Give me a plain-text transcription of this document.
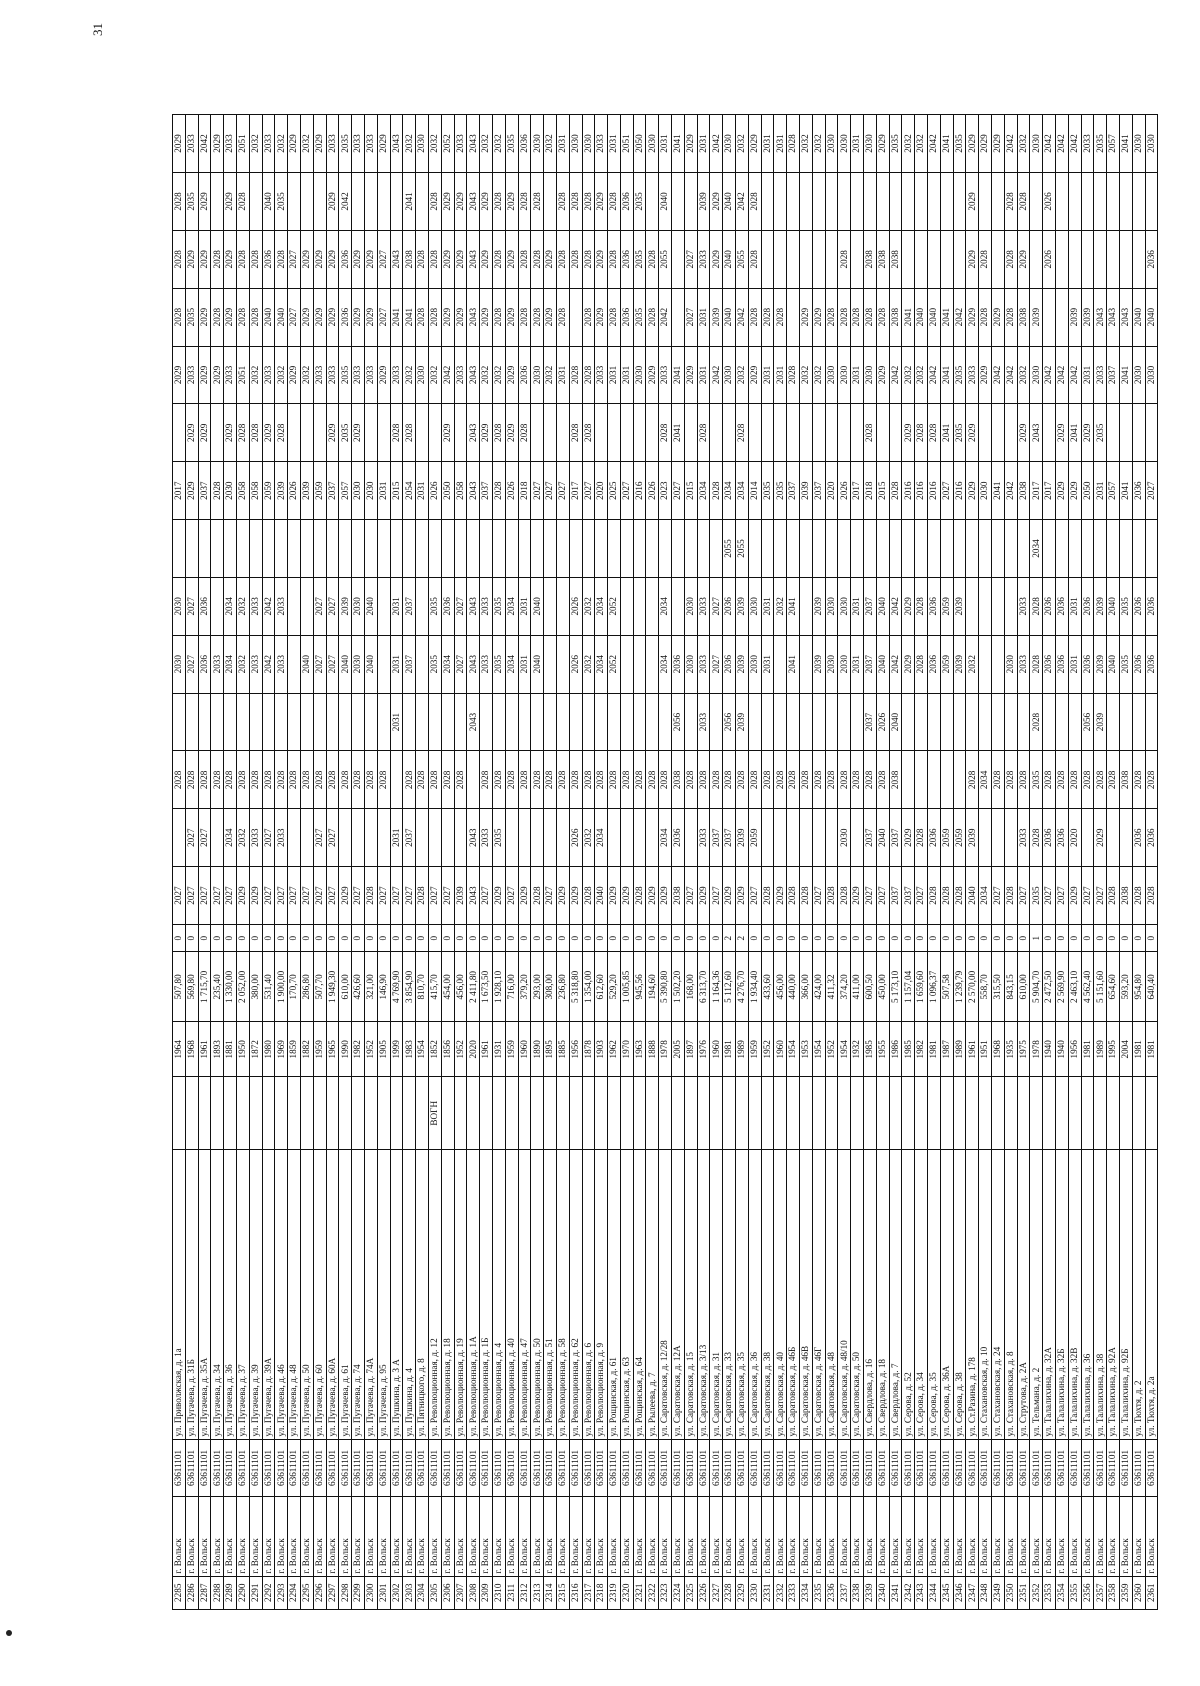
31
2285	г. Вольск	63611101	ул. Приволжская, д. 1а		1964	507,80	0	2027		2028		2030	2030		2017		2029	2028	2028	2028	2029
2286	г. Вольск	63611101	ул. Пугачева, д. 31Б		1968	569,80	0	2027	2027	2028		2027	2027		2029	2029	2033	2035	2029	2035	2033
2287	г. Вольск	63611101	ул. Пугачева, д. 35А		1961	1 715,70	0	2027	2027	2028		2036	2036		2037	2029	2029	2029	2029	2029	2042
2288	г. Вольск	63611101	ул. Пугачева, д. 34		1893	235,40	0	2027		2028		2033			2028		2029	2028	2028		2029
2289	г. Вольск	63611101	ул. Пугачева, д. 36		1881	1 330,00	0	2027	2034	2028		2034	2034		2030	2029	2033	2029	2029	2029	2033
2290	г. Вольск	63611101	ул. Пугачева, д. 37		1950	2 052,00	0	2029	2032	2028		2032	2032		2058	2028	2051	2028	2028	2028	2051
2291	г. Вольск	63611101	ул. Пугачева, д. 39		1872	380,00	0	2029	2033	2028		2033	2033		2058	2028	2032	2028	2028		2032
2292	г. Вольск	63611101	ул. Пугачева, д. 39А		1980	531,40	0	2027	2027	2028		2042	2042		2059	2029	2033	2040	2036	2040	2033
2293	г. Вольск	63611101	ул. Пугачева, д. 46		1969	1 900,00	0	2027	2033	2028		2033	2033		2039	2028	2032	2040	2028	2035	2032
2294	г. Вольск	63611101	ул. Пугачева, д. 48		1859	170,70	0	2027		2028					2026		2029	2027	2027		2029
2295	г. Вольск	63611101	ул. Пугачева, д. 50		1882	286,80	0	2027		2028		2040			2039		2032	2029	2029		2032
2296	г. Вольск	63611101	ул. Пугачева, д. 60		1959	507,70	0	2027	2027	2028		2027	2027		2059		2033	2029	2029		2029
2297	г. Вольск	63611101	ул. Пугачева, д. 60А		1965	1 949,30	0	2027	2027	2028		2027	2027		2037	2029	2033	2029	2029	2029	2033
2298	г. Вольск	63611101	ул. Пугачева, д. 61		1990	610,00	0	2029		2028		2040	2039		2057	2035	2035	2036	2036	2042	2035
2299	г. Вольск	63611101	ул. Пугачева, д. 74		1982	426,60	0	2027		2028		2030	2030		2030	2029	2033	2029	2029		2033
2300	г. Вольск	63611101	ул. Пугачева, д. 74А		1952	321,00	0	2028		2028		2040	2040		2030		2033	2029	2029		2033
2301	г. Вольск	63611101	ул. Пугачева, д. 95		1905	146,90	0	2027		2028					2031		2029	2027	2027		2029
2302	г. Вольск	63611101	ул. Пушкина, д. 3 А		1999	4 769,90	0	2027	2031		2031	2031	2031		2015	2028	2033	2041	2043		2043
2303	г. Вольск	63611101	ул. Пушкина, д. 4		1983	3 854,90	0	2027	2037	2028		2037	2037		2054	2028	2032	2041	2038	2041	2032
2304	г. Вольск	63611101	ул. Пятницкого, д. 8		1954	810,70	0	2028		2028					2031		2030	2028	2028		2030
2305	г. Вольск	63611101	ул. Революционная, д. 12	ВОГН	1852	415,70	0	2027		2028		2035	2035		2026		2032	2028	2028	2028	2032
2306	г. Вольск	63611101	ул. Революционная, д. 18		1856	454,00	0	2027		2028		2034	2036		2050	2029	2042	2029	2029	2029	2052
2307	г. Вольск	63611101	ул. Революционная, д. 19		1952	456,00	0	2039		2028		2027	2027		2058		2033	2029	2029	2029	2033
2308	г. Вольск	63611101	ул. Революционная, д. 1А		2020	2 411,80	0	2043	2043		2043	2043	2043		2043	2043	2043	2043	2043	2043	2043
2309	г. Вольск	63611101	ул. Революционная, д. 1Б		1961	1 673,50	0	2027	2033	2028		2033	2033		2037	2029	2032	2029	2029	2029	2032
2310	г. Вольск	63611101	ул. Революционная, д. 4		1931	1 928,10	0	2029	2035	2028		2035	2035		2028	2028	2032	2028	2028	2028	2032
2311	г. Вольск	63611101	ул. Революционная, д. 40		1959	716,00	0	2027		2028		2034	2034		2026	2029	2029	2029	2029	2029	2035
2312	г. Вольск	63611101	ул. Революционная, д. 47		1960	379,20	0	2029		2028		2031	2031		2018	2028	2036	2028	2028	2028	2036
2313	г. Вольск	63611101	ул. Революционная, д. 50		1890	293,00	0	2028		2028		2040	2040		2027		2030	2028	2028	2028	2030
2314	г. Вольск	63611101	ул. Революционная, д. 51		1895	308,00	0	2027		2028					2027		2032	2029	2029		2032
2315	г. Вольск	63611101	ул. Революционная, д. 58		1885	236,80	0	2029		2028					2027		2031	2028	2028	2028	2031
2316	г. Вольск	63611101	ул. Революционная, д. 62		1956	5 318,80	0	2029	2026	2028		2026	2026		2017	2028	2028		2028	2028	2030
2317	г. Вольск	63611101	ул. Революционная, д. 6		1878	1 354,00	0	2028	2032	2028		2032	2032		2027	2028	2028	2028	2028	2028	2030
2318	г. Вольск	63611101	ул. Революционная, д. 9		1903	612,60	0	2040	2034	2028		2034	2034		2020		2033	2029	2029	2029	2033
2319	г. Вольск	63611101	ул. Рощинская, д. 61		1962	529,20	0	2029		2028		2052	2052		2025		2031	2028	2028	2028	2031
2320	г. Вольск	63611101	ул. Рощинская, д. 63		1970	1 005,85	0	2029		2028					2027		2031	2036	2036	2036	2051
2321	г. Вольск	63611101	ул. Рощинская, д. 64		1963	945,56	0	2028		2028					2016		2030	2035	2035	2035	2050
2322	г. Вольск	63611101	ул. Рылеева, д. 7		1888	194,60	0	2029		2028					2026		2029	2028	2028		2030
2323	г. Вольск	63611101	ул. Саратовская, д. 12/28		1978	5 390,80	0	2029	2034	2028		2034	2034		2023	2028	2033	2042	2055	2040	2031
2324	г. Вольск	63611101	ул. Саратовская, д. 12А		2005	1 502,20	0	2038	2036	2038	2056	2036			2027	2041	2041				2041
2325	г. Вольск	63611101	ул. Саратовская, д. 15		1897	168,00	0	2027		2028		2030	2030		2015		2029	2027	2027		2029
2326	г. Вольск	63611101	ул. Саратовская, д. 3/13		1976	6 313,70	0	2029	2033	2028	2033	2033	2033		2034	2028	2031	2031	2033	2039	2031
2327	г. Вольск	63611101	ул. Саратовская, д. 31		1960	1 164,36	0	2027	2037	2028		2027	2027		2028		2042	2039	2029	2029	2042
2328	г. Вольск	63611101	ул. Саратовская, д. 33		1981	5 112,60	2	2029	2037	2028	2056	2036	2036	2055	2034		2030	2040	2040	2040	2030
2329	г. Вольск	63611101	ул. Саратовская, д. 35		1989	4 276,70	2	2029	2039	2028	2039	2039	2039	2055	2034	2028	2032	2042	2055	2042	2032
2330	г. Вольск	63611101	ул. Саратовская, д. 36		1959	1 934,40	0	2027	2059	2028		2030	2030		2014		2029	2028	2028	2028	2029
2331	г. Вольск	63611101	ул. Саратовская, д. 38		1952	433,60	0	2028		2028		2031	2031		2035		2031	2028			2031
2332	г. Вольск	63611101	ул. Саратовская, д. 40		1960	456,00	0	2029		2028			2032		2035		2031	2028			2031
2333	г. Вольск	63611101	ул. Саратовская, д. 46Б		1954	440,00	0	2028		2028		2041	2041		2037		2028				2028
2334	г. Вольск	63611101	ул. Саратовская, д. 46В		1953	366,00	0	2028		2028					2039		2032	2029			2032
2335	г. Вольск	63611101	ул. Саратовская, д. 46Г		1954	424,00	0	2027		2028		2039	2039		2037		2032	2029			2032
2336	г. Вольск	63611101	ул. Саратовская, д. 48		1952	411,32	0	2028		2028		2030	2030		2020		2030	2028			2030
2337	г. Вольск	63611101	ул. Саратовская, д. 48/10		1954	374,20	0	2028	2030	2028		2030	2030		2026		2030	2028	2028		2030
2338	г. Вольск	63611101	ул. Саратовская, д. 50		1932	411,00	0	2029		2028		2031	2031		2017		2031	2028			2031
2339	г. Вольск	63611101	ул. Свердлова, д. 16		1985	600,50	0	2027	2037	2028	2037	2037	2037		2018	2028	2030	2028	2038		2030
2340	г. Вольск	63611101	ул. Свердлова, д. 18		1955	450,00	0	2027	2040	2028	2026	2040	2040		2015		2029	2028	2038		2029
2341	г. Вольск	63611101	ул. Свердлова, д. 7		1986	5 173,10	0	2037	2037	2038	2040	2042	2042		2028		2042	2038	2038		2035
2342	г. Вольск	63611101	ул. Серова, д. 52		1985	1 157,04	0	2037	2029			2029	2029		2016	2029	2032	2041			2032
2343	г. Вольск	63611101	ул. Серова, д. 34		1982	1 659,60	0	2027	2028			2028	2028		2016	2028	2032	2040			2032
2344	г. Вольск	63611101	ул. Серова, д. 35		1981	1 096,37	0	2028	2036			2036	2036		2016	2028	2042	2040			2042
2345	г. Вольск	63611101	ул. Серова, д. 36А		1987	507,58	0	2028	2059			2059	2059		2027	2041	2041	2041			2041
2346	г. Вольск	63611101	ул. Серова, д. 38		1989	1 239,79	0	2028	2059			2039	2039		2016	2035	2035	2042			2035
2347	г. Вольск	63611101	ул. Ст.Разина, д. 178		1961	2 570,00	0	2040	2039	2028		2032			2029	2029	2033	2029	2029	2029	2029
2348	г. Вольск	63611101	ул. Стахановская, д. 10		1951	558,70	0	2034		2034					2030		2029	2028	2028		2029
2349	г. Вольск	63611101	ул. Стахановская, д. 24		1968	315,50	0	2027		2028					2041		2042	2029			2029
2350	г. Вольск	63611101	ул. Стахановская, д. 8		1935	843,15	0	2028		2028		2030			2042		2042	2028	2028	2028	2042
2351	г. Вольск	63611101	ул. Струтова, д. 2А		1975	610,00	0	2027	2033	2028		2033	2033		2038	2029	2032	2038	2029	2028	2032
2352	г. Вольск	63611101	ул. Тельмана, д. 2		1978	5 904,70	1	2035	2028	2035	2028	2028	2028	2034	2017	2043	2030	2039			2030
2353	г. Вольск	63611101	ул. Талалихина, д. 32А		1940	2 472,50	0	2027	2036	2028		2036	2036		2017		2042		2026	2026	2042
2354	г. Вольск	63611101	ул. Талалихина, д. 32Б		1940	2 569,90	0	2027	2036	2028		2036	2036		2029	2029	2042				2042
2355	г. Вольск	63611101	ул. Талалихина, д. 32В		1956	2 463,10	0	2029	2020	2028		2031	2031		2029	2041	2042	2039			2042
2356	г. Вольск	63611101	ул. Талалихина, д. 36		1981	4 562,40	0	2027		2028	2056	2036	2036		2050	2029	2031	2039			2033
2357	г. Вольск	63611101	ул. Талалихина, д. 38		1989	5 151,60	0	2027	2029	2028	2039	2039	2039		2031	2035	2033	2043			2035
2358	г. Вольск	63611101	ул. Талалихина, д. 92А		1995	654,60	0	2028		2028		2040	2040		2057		2037	2043			2057
2359	г. Вольск	63611101	ул. Талалихина, д. 92Б		2004	593,20	0	2038		2038		2035	2035		2041		2041	2043			2041
2360	г. Вольск	63611101	ул. Тюхтя, д. 2		1981	954,80	0	2028	2036	2028		2036	2036		2036		2030	2040			2030
2361	г. Вольск	63611101	ул. Тюхтя, д. 2а		1981	640,40	0	2028	2036	2028		2036	2036		2027		2030	2040	2036		2030
